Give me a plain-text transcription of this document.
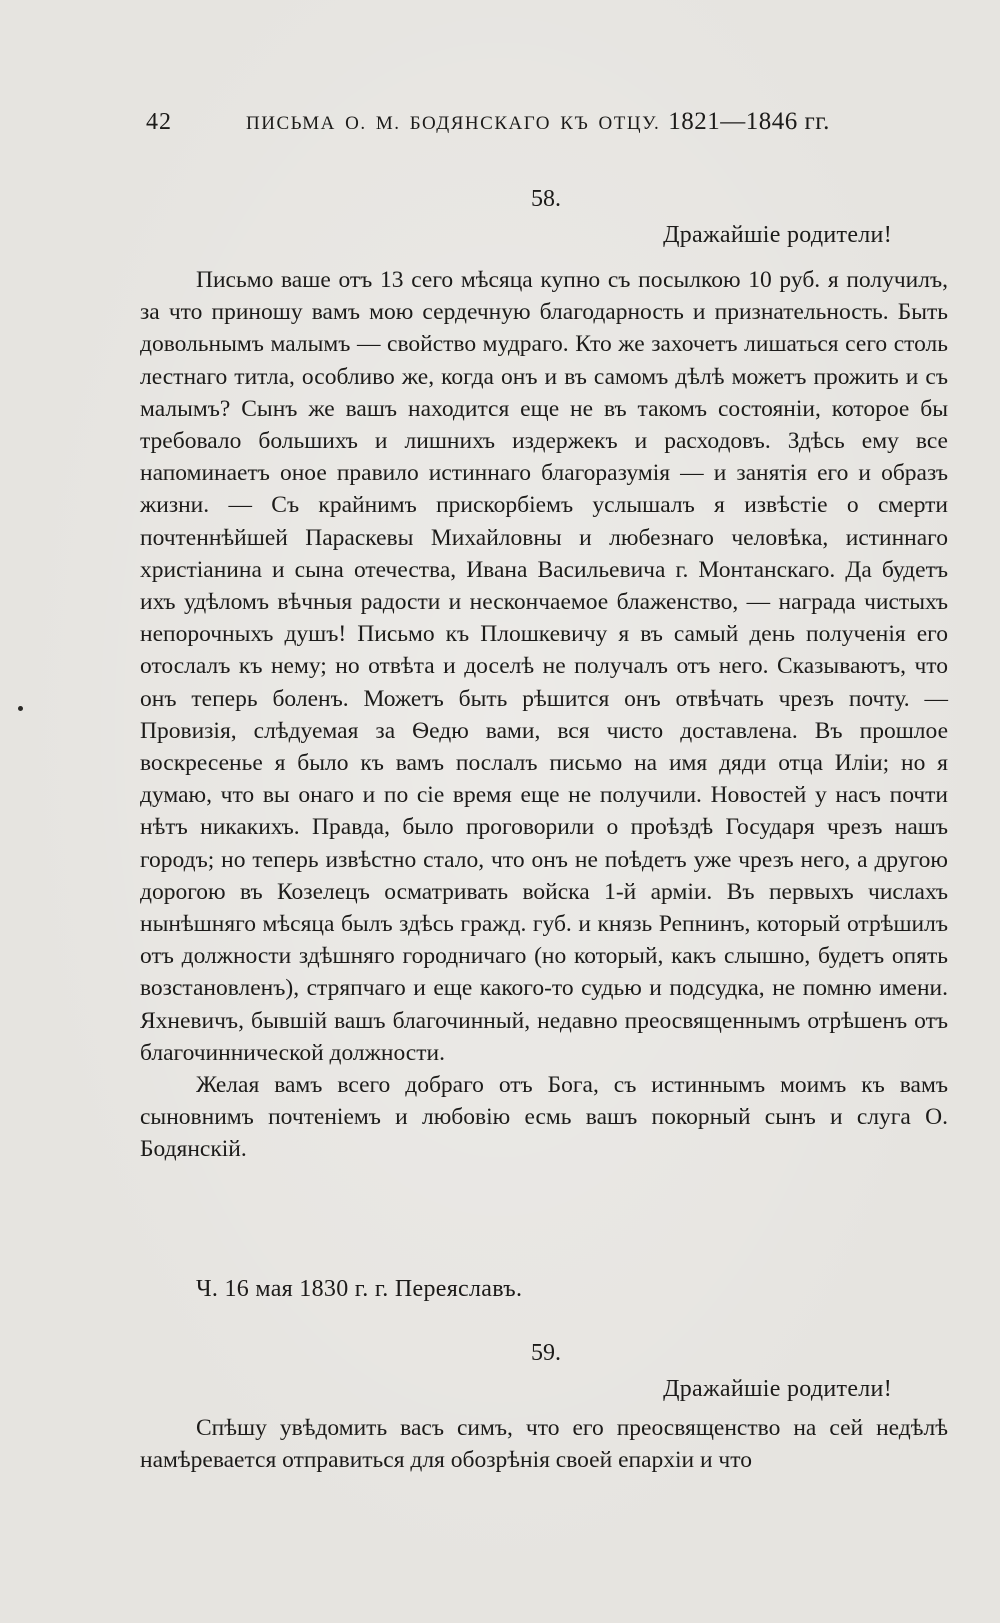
42	ПИСЬМА О. М. БОДЯНСКАГО КЪ ОТЦУ. 1821—1846 гг.
58.
Дражайшіе родители!

Письмо ваше отъ 13 сего мѣсяца купно съ посылкою 10 руб. я получилъ, за что приношу вамъ мою сердечную благодарность и признательность. Быть довольнымъ малымъ — свойство мудраго. Кто же захочетъ лишаться сего столь лестнаго титла, особливо же, когда онъ и въ самомъ дѣлѣ можетъ прожить и съ малымъ? Сынъ же вашъ находится еще не въ такомъ состояніи, которое бы требовало большихъ и лишнихъ издержекъ и расходовъ. Здѣсь ему все напоминаетъ оное правило истиннаго благоразумія — и занятія его и образъ жизни. — Съ крайнимъ прискорбіемъ услышалъ я извѣстіе о смерти почтеннѣйшей Параскевы Михайловны и любезнаго человѣка, истиннаго христіанина и сына отечества, Ивана Васильевича г. Монтанскаго. Да будетъ ихъ удѣломъ вѣчныя радости и нескончаемое блаженство, — награда чистыхъ непорочныхъ душъ! Письмо къ Плошкевичу я въ самый день полученія его отослалъ къ нему; но отвѣта и доселѣ не получалъ отъ него. Сказываютъ, что онъ теперь боленъ. Можетъ быть рѣшится онъ отвѣчать чрезъ почту. — Провизія, слѣдуемая за Ѳедю вами, вся чисто доставлена. Въ прошлое воскресенье я было къ вамъ послалъ письмо на имя дяди отца Иліи; но я думаю, что вы онаго и по сіе время еще не получили. Новостей у насъ почти нѣтъ никакихъ. Правда, было проговорили о проѣздѣ Государя чрезъ нашъ городъ; но теперь извѣстно стало, что онъ не поѣдетъ уже чрезъ него, а другою дорогою въ Козелецъ осматривать войска 1-й арміи. Въ первыхъ числахъ нынѣшняго мѣсяца былъ здѣсь гражд. губ. и князь Репнинъ, который отрѣшилъ отъ должности здѣшняго городничаго (но который, какъ слышно, будетъ опять возстановленъ), стряпчаго и еще какого-то судью и подсудка, не помню имени. Яхневичъ, бывшій вашъ благочинный, недавно преосвященнымъ отрѣшенъ отъ благочиннической должности.

Желая вамъ всего добраго отъ Бога, съ истиннымъ моимъ къ вамъ сыновнимъ почтеніемъ и любовію есмь вашъ покорный сынъ и слуга О. Бодянскій.

Ч. 16 мая 1830 г. г. Переяславъ.
59.
Дражайшіе родители!

Спѣшу увѣдомить васъ симъ, что его преосвященство на сей недѣлѣ намѣревается отправиться для обозрѣнія своей епархіи и что
